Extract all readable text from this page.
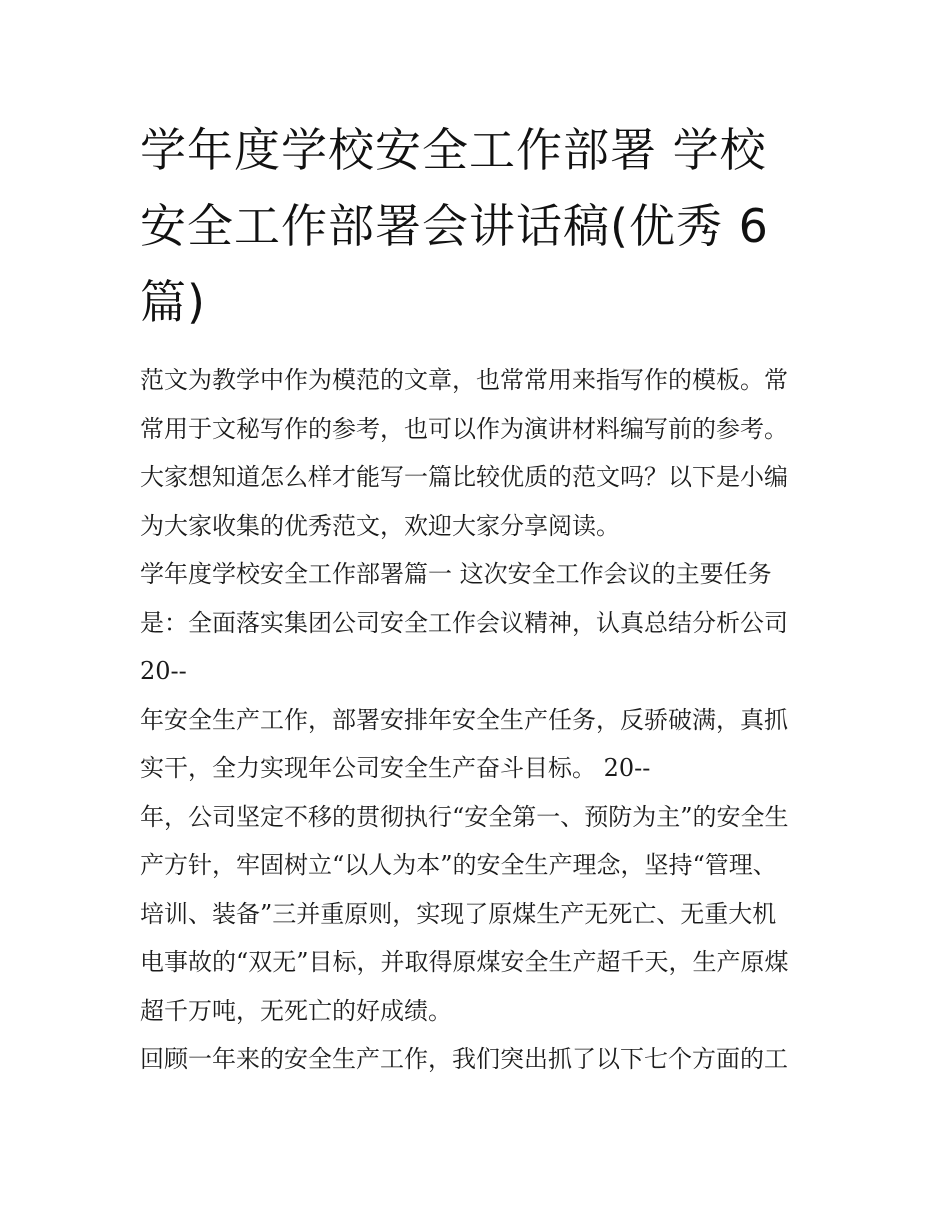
学年度学校安全工作部署 学校
安全工作部署会讲话稿(优秀 6
篇)
范文为教学中作为模范的文章，也常常用来指写作的模板。常
常用于文秘写作的参考，也可以作为演讲材料编写前的参考。
大家想知道怎么样才能写一篇比较优质的范文吗？以下是小编
为大家收集的优秀范文，欢迎大家分享阅读。
学年度学校安全工作部署篇一 这次安全工作会议的主要任务
是：全面落实集团公司安全工作会议精神，认真总结分析公司
20--
年安全生产工作，部署安排年安全生产任务，反骄破满，真抓
实干，全力实现年公司安全生产奋斗目标。 20--
年，公司坚定不移的贯彻执行“安全第一、预防为主”的安全生
产方针，牢固树立“以人为本”的安全生产理念，坚持“管理、
培训、装备”三并重原则，实现了原煤生产无死亡、无重大机
电事故的“双无”目标，并取得原煤安全生产超千天，生产原煤
超千万吨，无死亡的好成绩。
回顾一年来的安全生产工作，我们突出抓了以下七个方面的工
